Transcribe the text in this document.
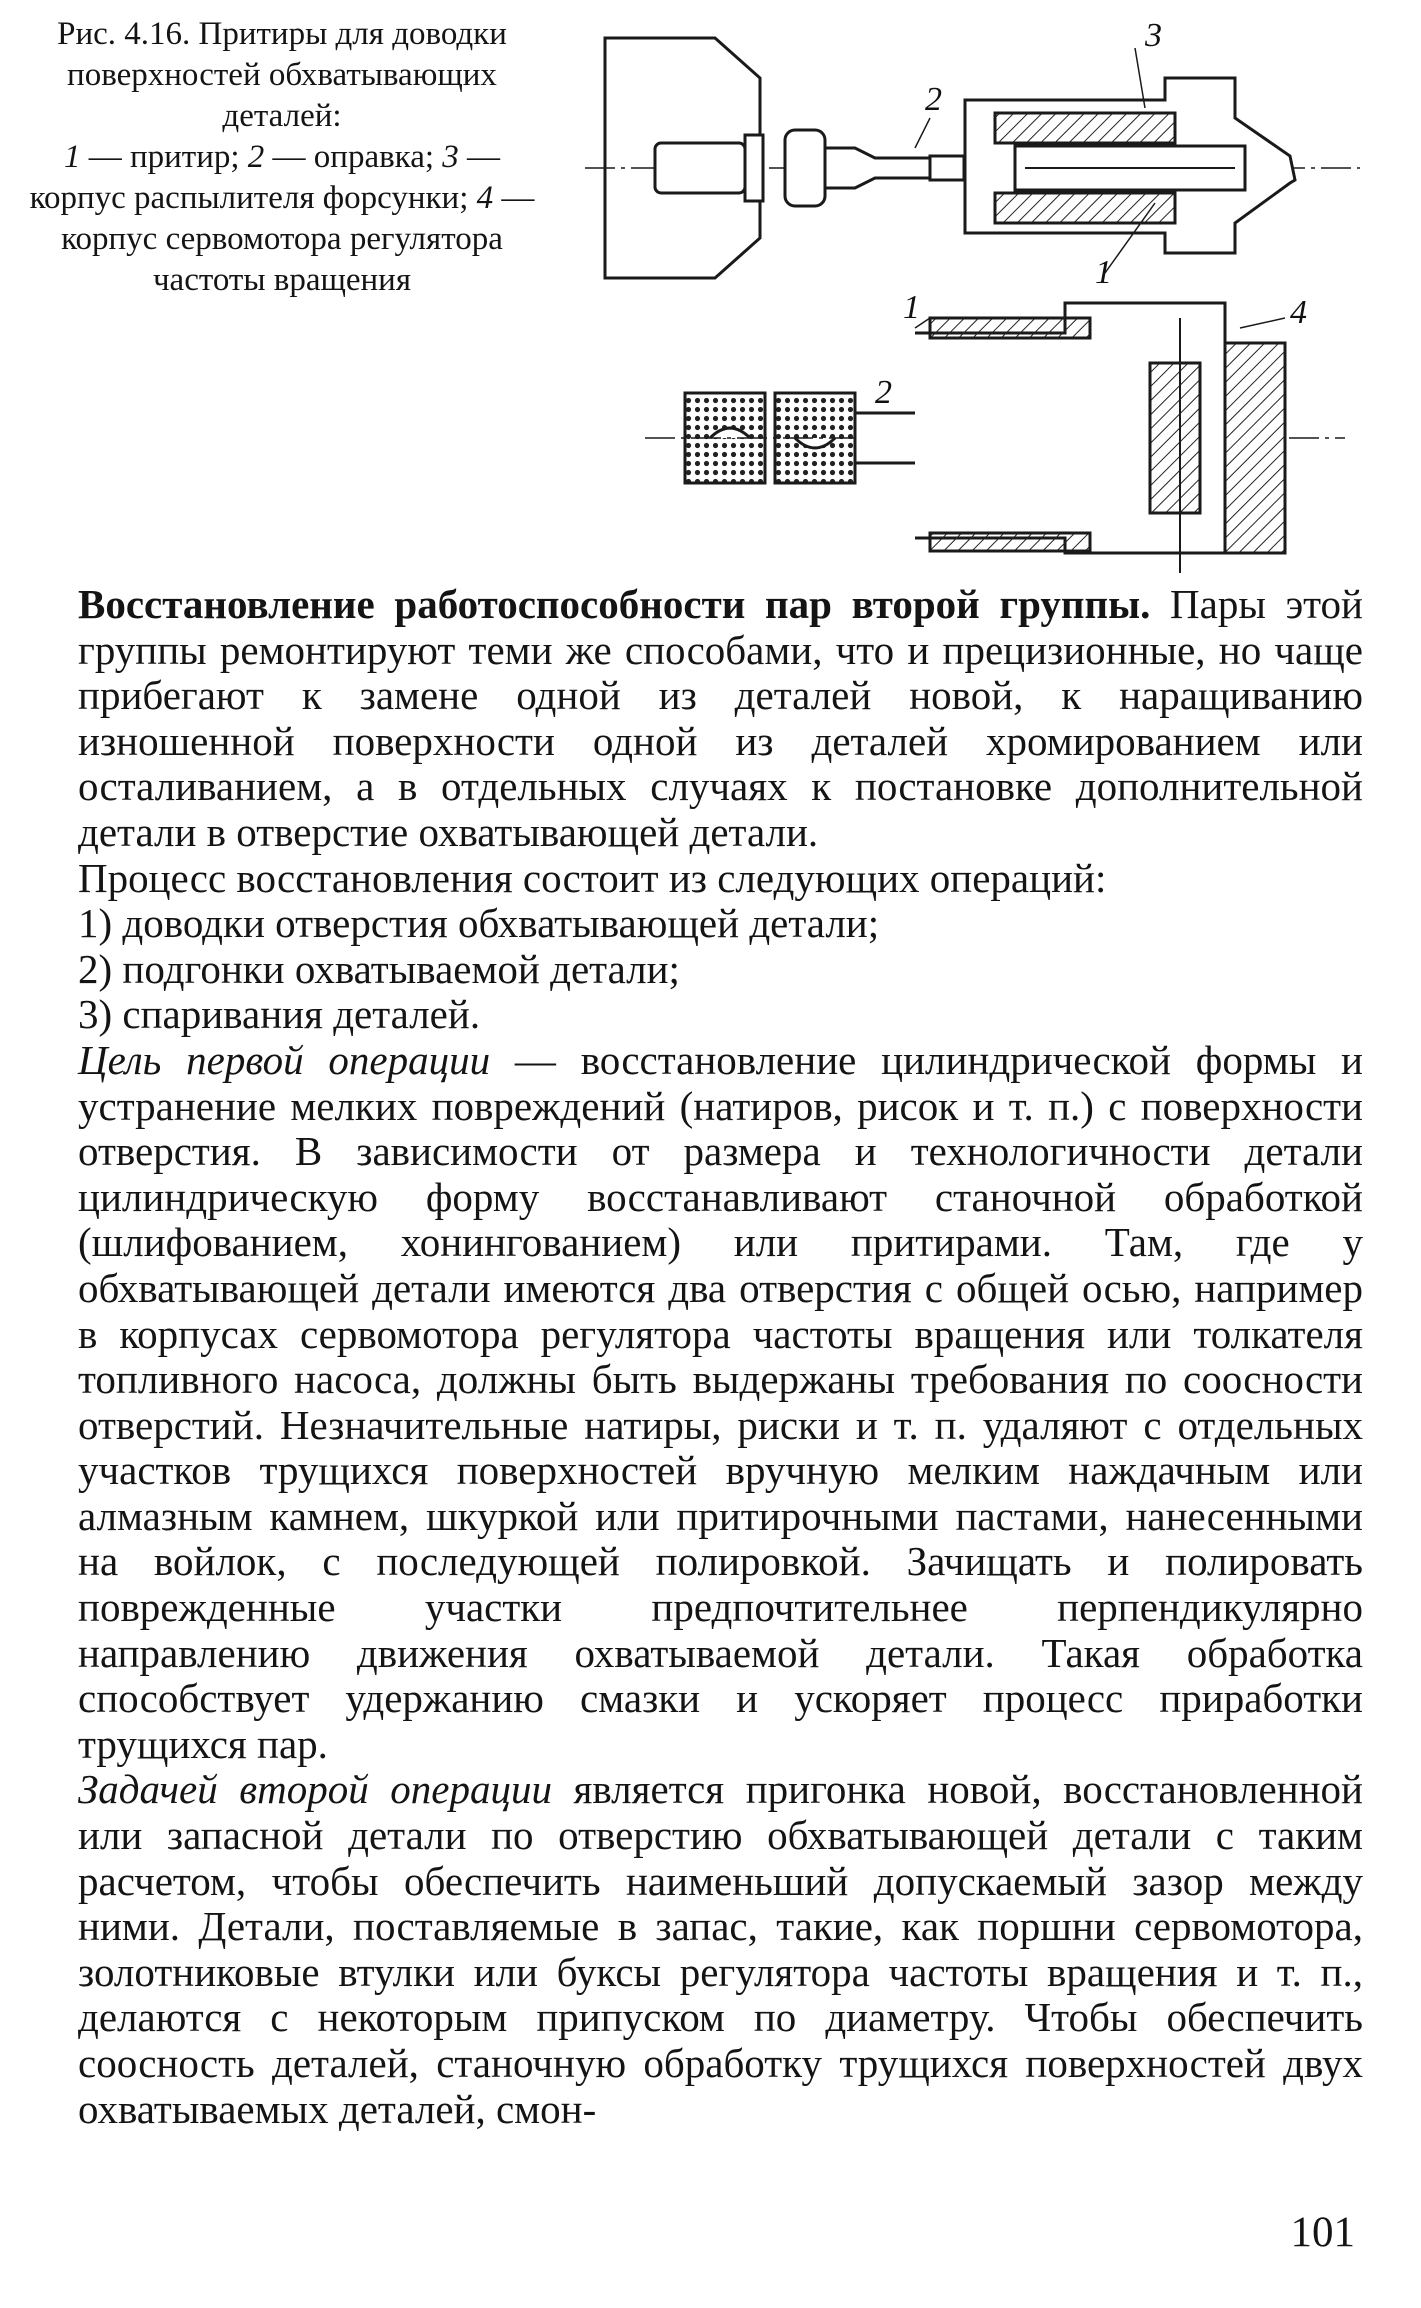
Рис. 4.16. Притиры для доводки поверхностей обхватывающих деталей:
1 — притир; 2 — оправка; 3 — корпус распылителя форсунки; 4 — корпус сервомотора регулятора частоты вращения
3
2
1
1
2
4

Восстановление работоспособности пар второй группы. Пары этой группы ремонтируют теми же способами, что и прецизионные, но чаще прибегают к замене одной из деталей новой, к наращиванию изношенной поверхности одной из деталей хромированием или осталиванием, а в отдельных случаях к постановке дополнительной детали в отверстие охватывающей детали.

Процесс восстановления состоит из следующих операций:

1) доводки отверстия обхватывающей детали;

2) подгонки охватываемой детали;

3) спаривания деталей.

Цель первой операции — восстановление цилиндрической формы и устранение мелких повреждений (натиров, рисок и т. п.) с поверхности отверстия. В зависимости от размера и технологичности детали цилиндрическую форму восстанавливают станочной обработкой (шлифованием, хонингованием) или притирами. Там, где у обхватывающей детали имеются два отверстия с общей осью, например в корпусах сервомотора регулятора частоты вращения или толкателя топливного насоса, должны быть выдержаны требования по соосности отверстий. Незначительные натиры, риски и т. п. удаляют с отдельных участков трущихся поверхностей вручную мелким наждачным или алмазным камнем, шкуркой или притирочными пастами, нанесенными на войлок, с последующей полировкой. Зачищать и полировать поврежденные участки предпочтительнее перпендикулярно направлению движения охватываемой детали. Такая обработка способствует удержанию смазки и ускоряет процесс приработки трущихся пар.

Задачей второй операции является пригонка новой, восстановленной или запасной детали по отверстию обхватывающей детали с таким расчетом, чтобы обеспечить наименьший допускаемый зазор между ними. Детали, поставляемые в запас, такие, как поршни сервомотора, золотниковые втулки или буксы регулятора частоты вращения и т. п., делаются с некоторым припуском по диаметру. Чтобы обеспечить соосность деталей, станочную обработку трущихся поверхностей двух охватываемых деталей, смон-

101
